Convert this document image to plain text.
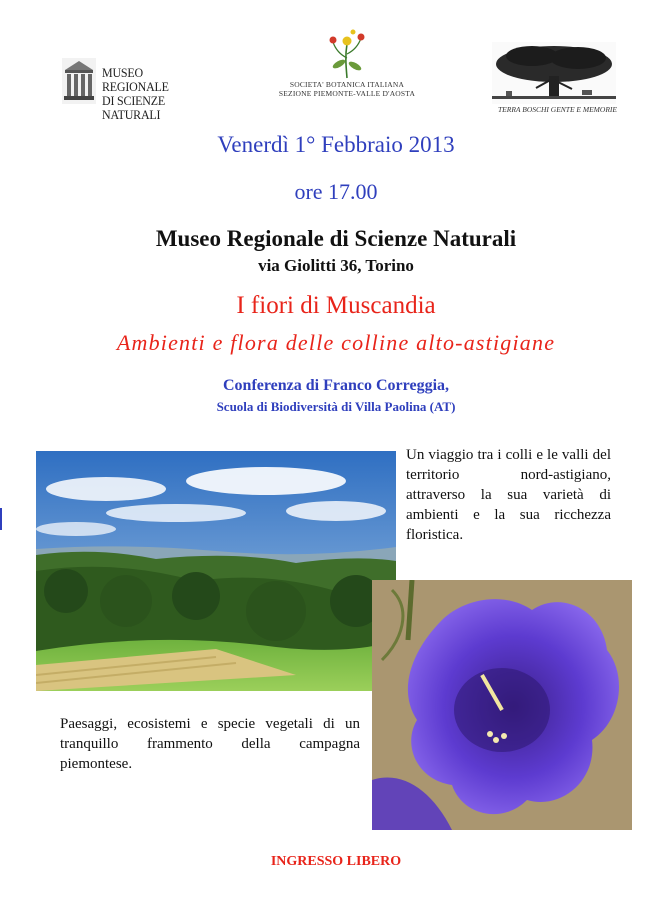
MUSEO REGIONALE
DI SCIENZE NATURALI
SOCIETA' BOTANICA ITALIANA
SEZIONE PIEMONTE-VALLE D'AOSTA
TERRA BOSCHI GENTE E MEMORIE
Venerdì 1° Febbraio 2013
ore 17.00
Museo Regionale di Scienze Naturali
via Giolitti 36, Torino
I fiori di Muscandia
Ambienti e flora delle colline alto-astigiane
Conferenza di Franco Correggia,
Scuola di Biodiversità di Villa Paolina (AT)
Un viaggio tra i colli e le valli del territorio nord-astigiano, attraverso la sua varietà di ambienti e la sua ricchezza floristica.
Paesaggi, ecosistemi e specie vegetali di un tranquillo frammento della campagna piemontese.
INGRESSO LIBERO
